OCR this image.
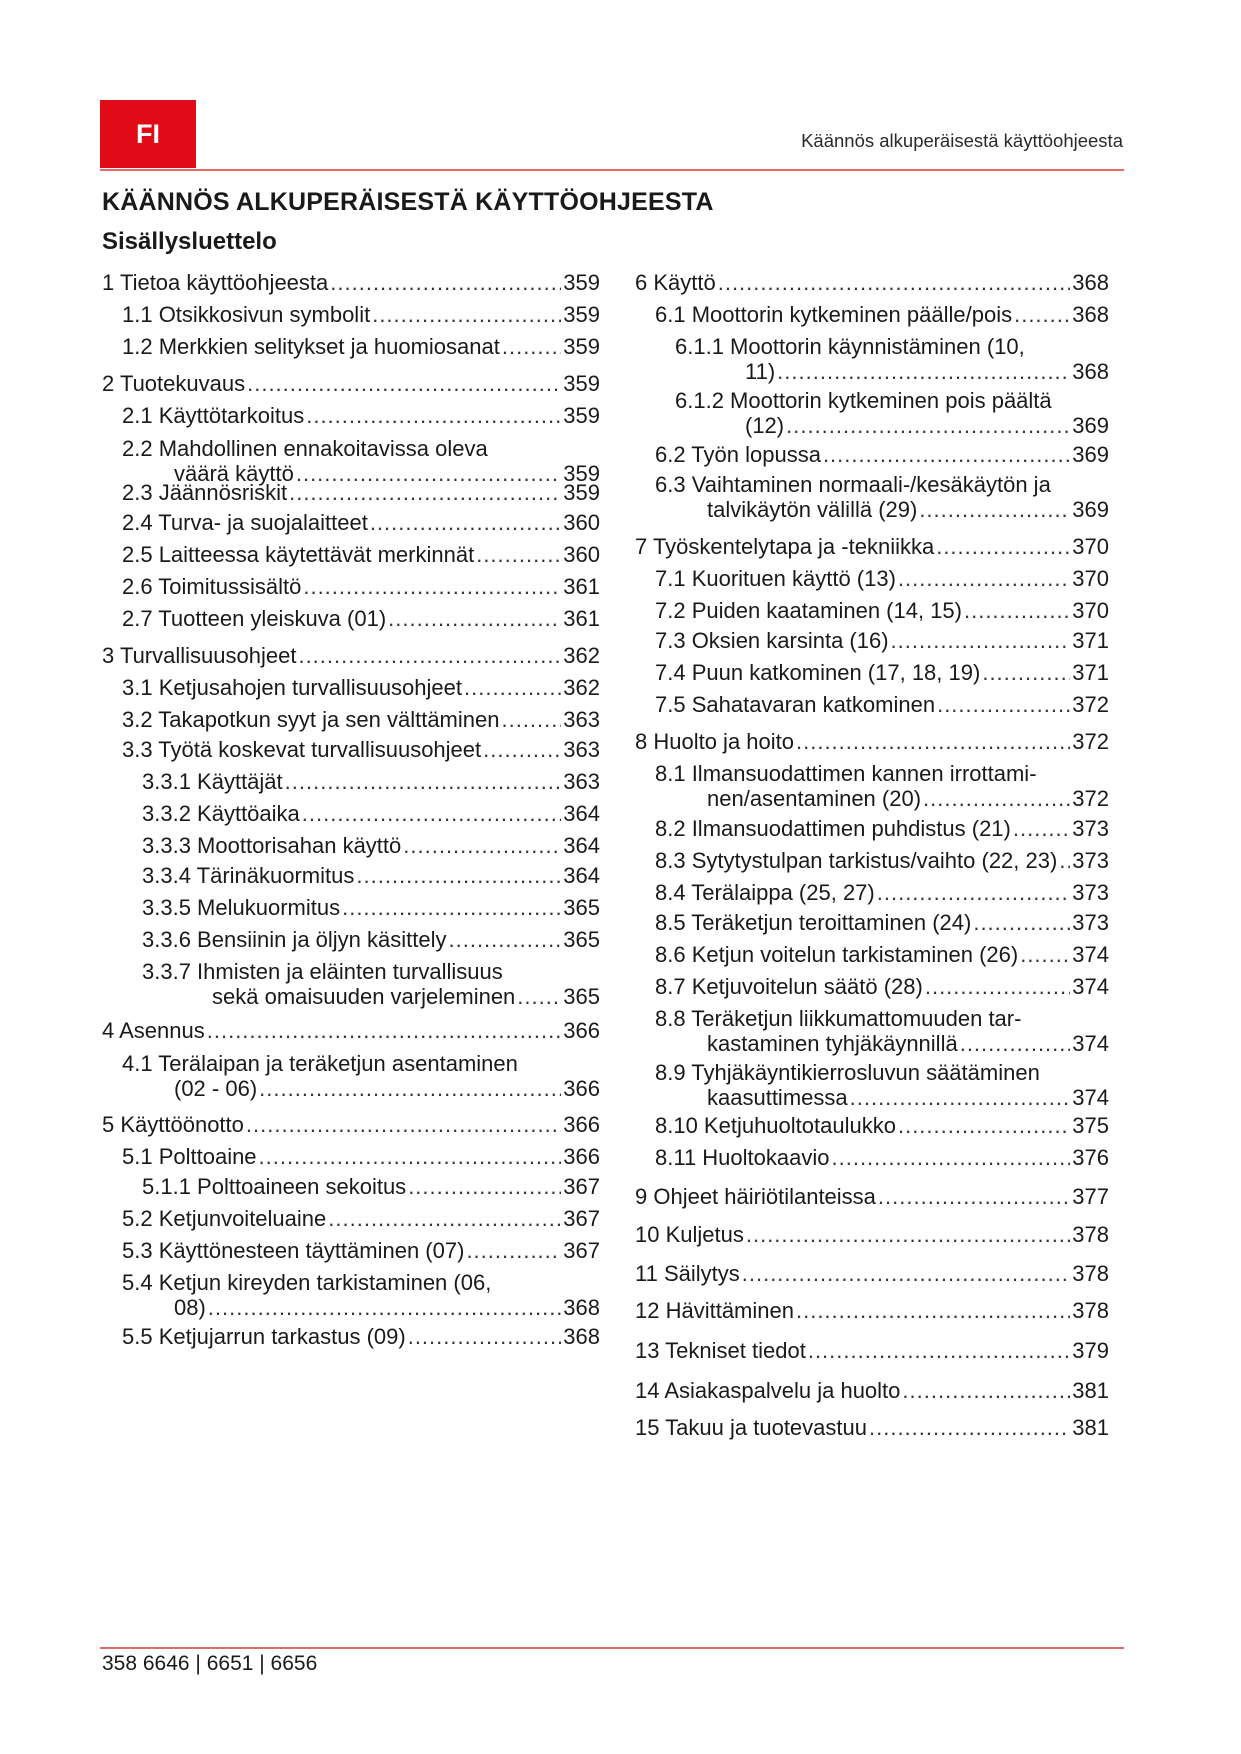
FI	Käännös alkuperäisestä käyttöohjeesta
KÄÄNNÖS ALKUPERÄISESTÄ KÄYTTÖOHJEESTA
Sisällysluettelo
1 Tietoa käyttöohjeesta .....	359
1.1 Otsikkosivun symbolit .....	359
1.2 Merkkien selitykset ja huomiosanat .....	359
2 Tuotekuvaus .....	359
2.1 Käyttötarkoitus .....	359
2.2 Mahdollinen ennakoitavissa oleva
väärä käyttö .....	359
2.3 Jäännösriskit .....	359
2.4 Turva- ja suojalaitteet .....	360
2.5 Laitteessa käytettävät merkinnät .....	360
2.6 Toimitussisältö .....	361
2.7 Tuotteen yleiskuva (01) .....	361
3 Turvallisuusohjeet .....	362
3.1 Ketjusahojen turvallisuusohjeet .....	362
3.2 Takapotkun syyt ja sen välttäminen .....	363
3.3 Työtä koskevat turvallisuusohjeet .....	363
3.3.1 Käyttäjät .....	363
3.3.2 Käyttöaika .....	364
3.3.3 Moottorisahan käyttö .....	364
3.3.4 Tärinäkuormitus .....	364
3.3.5 Melukuormitus .....	365
3.3.6 Bensiinin ja öljyn käsittely .....	365
3.3.7 Ihmisten ja eläinten turvallisuus
sekä omaisuuden varjeleminen ..... 365
4 Asennus .....	366
4.1 Terälaipan ja teräketjun asentaminen
(02 - 06) .....	366
5 Käyttöönotto .....	366
5.1 Polttoaine .....	366
5.1.1 Polttoaineen sekoitus .....	367
5.2 Ketjunvoiteluaine .....	367
5.3 Käyttönesteen täyttäminen (07) .....	367
5.4 Ketjun kireyden tarkistaminen (06,
08) .....	368
5.5 Ketjujarrun tarkastus (09) .....	368
6 Käyttö .....	368
6.1 Moottorin kytkeminen päälle/pois .....	368
6.1.1 Moottorin käynnistäminen (10,
11) .....	368
6.1.2 Moottorin kytkeminen pois päältä
(12) .....	369
6.2 Työn lopussa .....	369
6.3 Vaihtaminen normaali-/kesäkäytön ja
talvikäytön välillä (29) .....	369
7 Työskentelytapa ja -tekniikka .....	370
7.1 Kuorituen käyttö (13) .....	370
7.2 Puiden kaataminen (14, 15) .....	370
7.3 Oksien karsinta (16) .....	371
7.4 Puun katkominen (17, 18, 19) .....	371
7.5 Sahatavaran katkominen .....	372
8 Huolto ja hoito .....	372
8.1 Ilmansuodattimen kannen irrottami-
nen/asentaminen (20) .....	372
8.2 Ilmansuodattimen puhdistus (21) .....	373
8.3 Sytytystulpan tarkistus/vaihto (22, 23) ..... 373
8.4 Terälaippa (25, 27) .....	373
8.5 Teräketjun teroittaminen (24) .....	373
8.6 Ketjun voitelun tarkistaminen (26) ..... 374
8.7 Ketjuvoitelun säätö (28) .....	374
8.8 Teräketjun liikkumattomuuden tar-
kastaminen tyhjäkäynnillä .....	374
8.9 Tyhjäkäyntikierrosluvun säätäminen
kaasuttimessa .....	374
8.10 Ketjuhuoltotaulukko .....	375
8.11 Huoltokaavio .....	376
9 Ohjeet häiriötilanteissa .....	377
10 Kuljetus .....	378
11 Säilytys .....	378
12 Hävittäminen .....	378
13 Tekniset tiedot .....	379
14 Asiakaspalvelu ja huolto .....	381
15 Takuu ja tuotevastuu .....	381
358 6646 | 6651 | 6656
